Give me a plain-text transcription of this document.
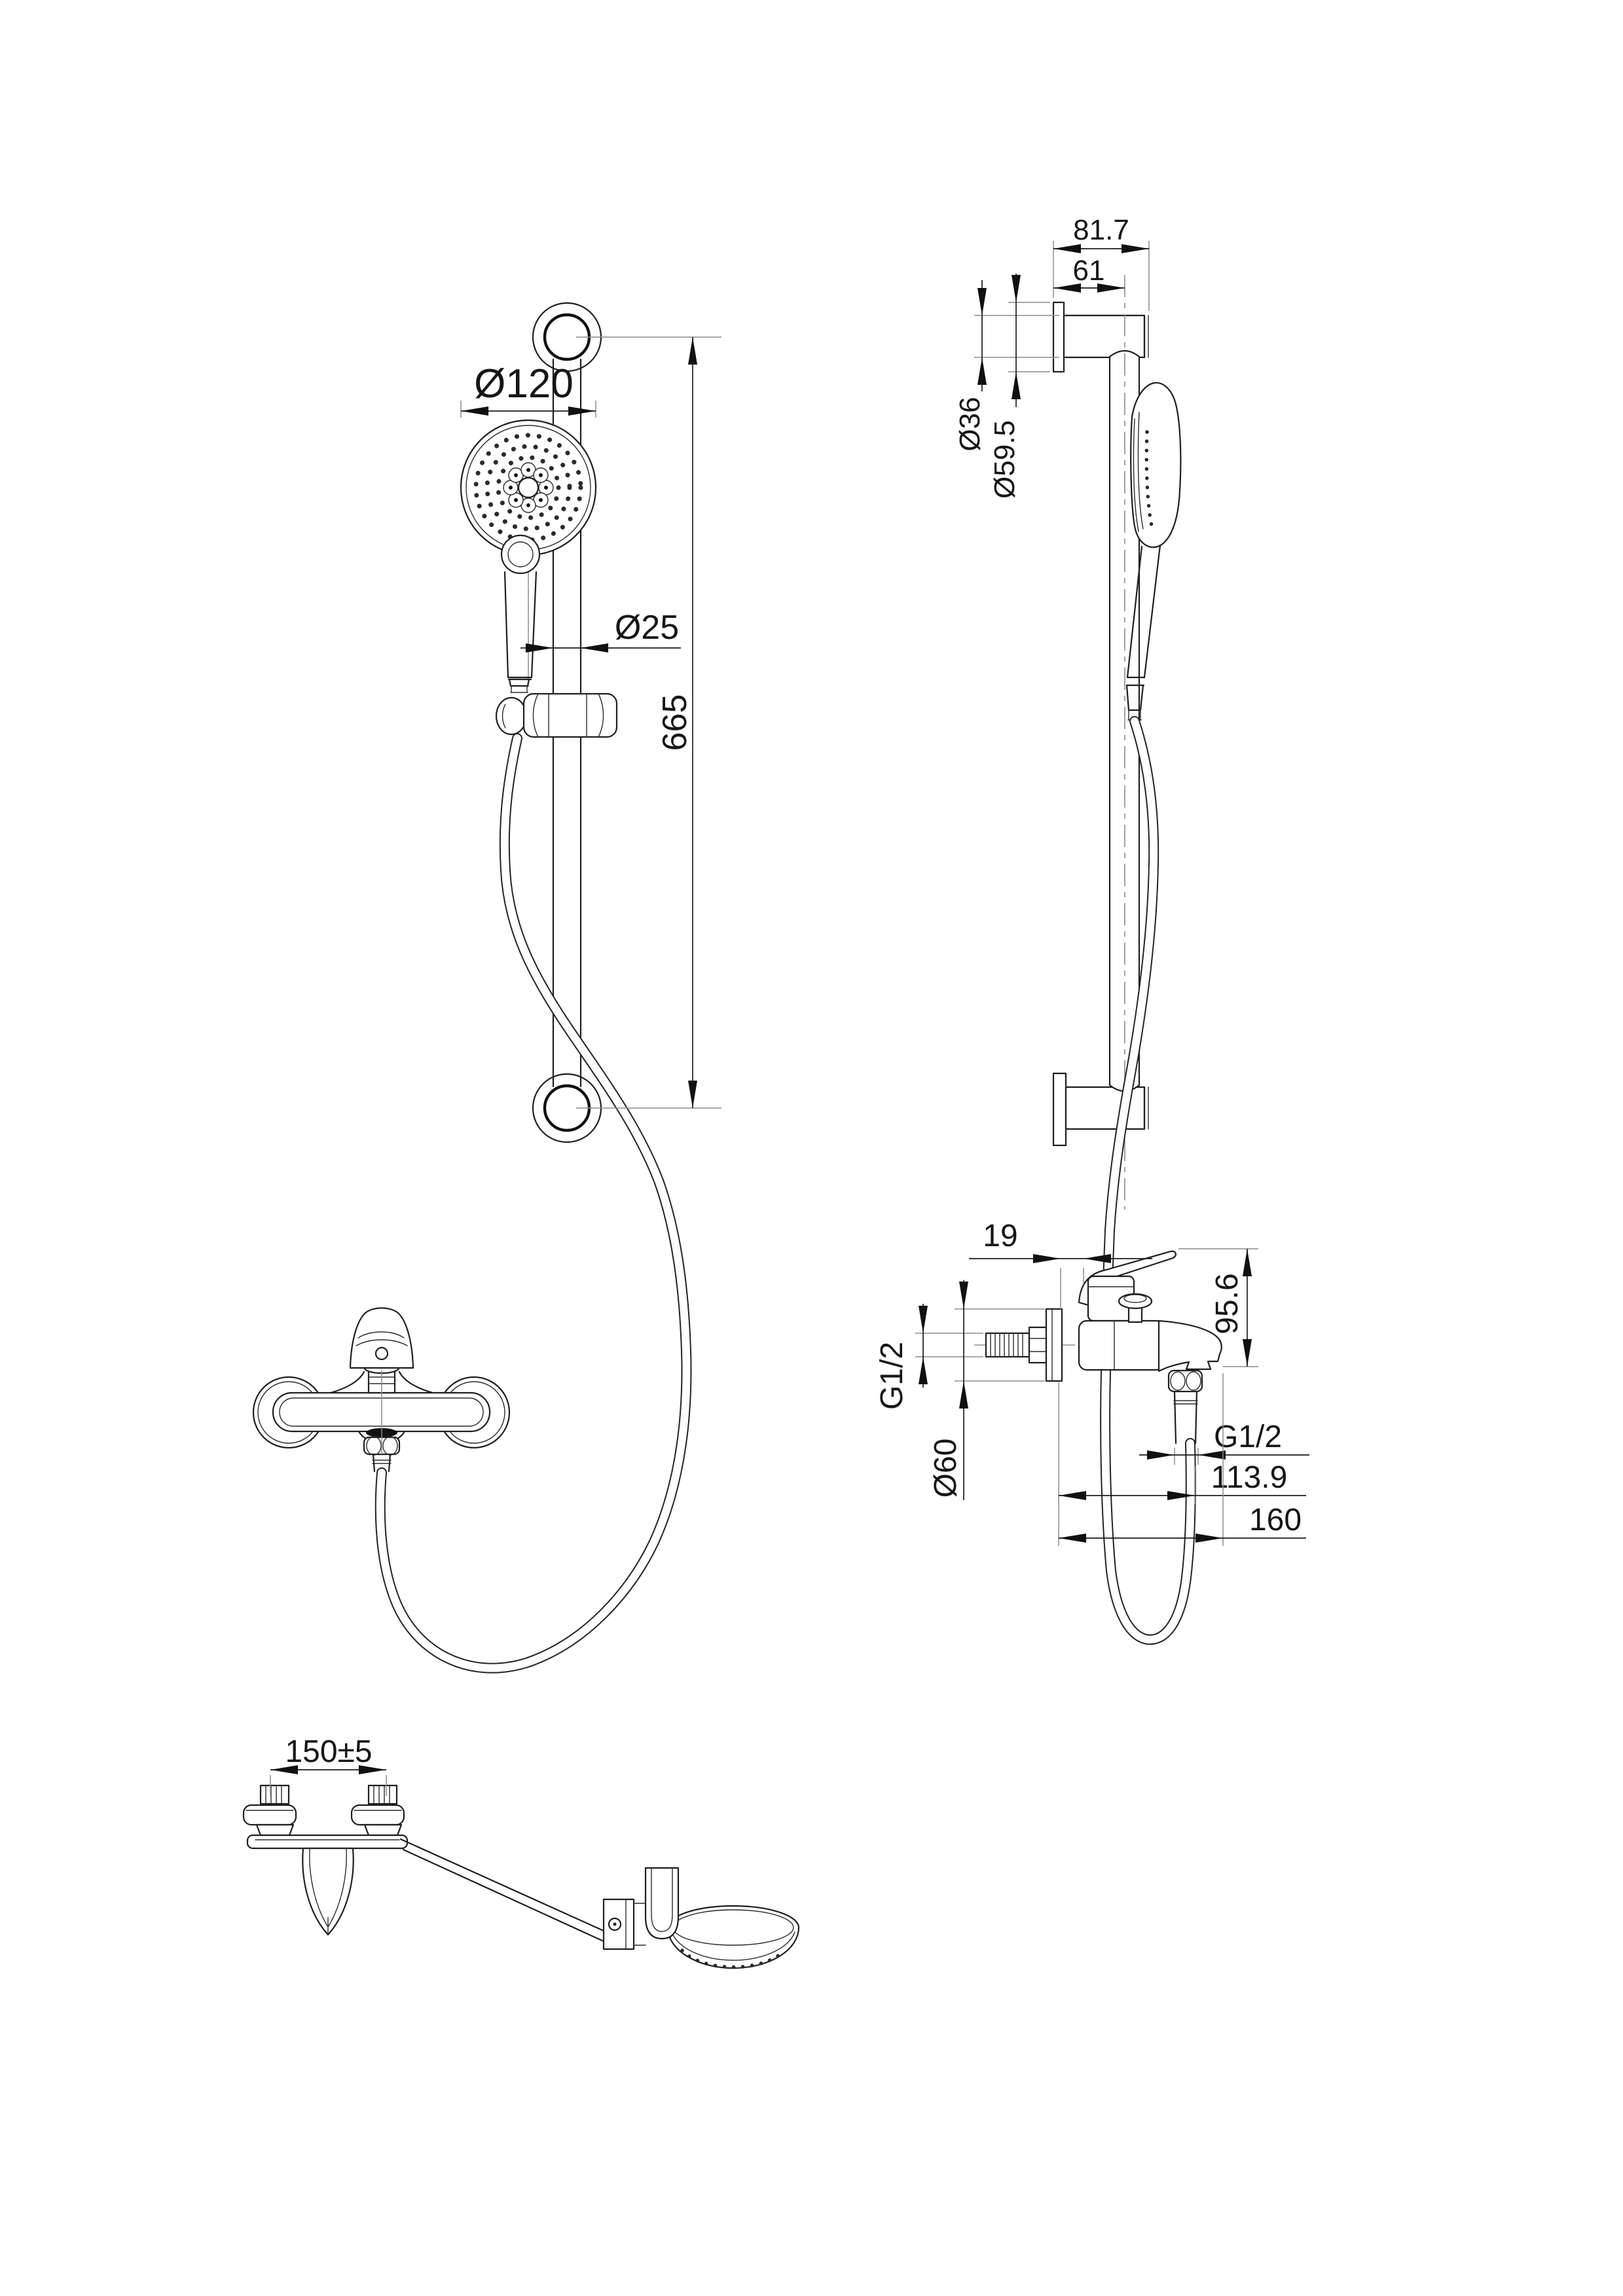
Ø120
Ø25
665
81.7
61
Ø36 Ø59.5
19
95.6
G1/2
Ø60
G1/2
113.9
160
150±5
